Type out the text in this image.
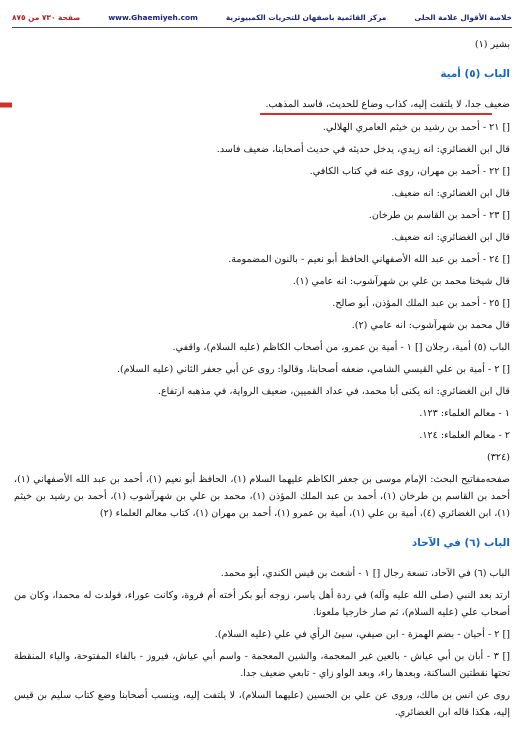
صفحة ٧٣٠ من ٨٧٥	www.Ghaemiyeh.com	مرکز القائمیة باصفهان للتحریات الکمبیوتریة	خلاصة الأقوال علامة الحلى

بشير (١)

الباب (٥) أمية

ضعيف جدا، لا يلتفت إليه، كذاب وضاع للحديث، فاسد المذهب.

[] ٢١ - أحمد بن رشيد بن خيثم العامري الهلالي.

قال ابن الغضائري: انه زيدي، يدخل حديثه في حديث أصحابنا، ضعيف فاسد.

[] ٢٢ - أحمد بن مهران، روى عنه في كتاب الكافي.

قال ابن الغضائري: انه ضعيف.

[] ٢٣ - أحمد بن القاسم بن طرخان.

قال ابن الغضائري: انه ضعيف.

[] ٢٤ - أحمد بن عبد الله الأصفهاني الحافظ أبو نعيم - بالنون المضمومة.

قال شيخنا محمد بن علي بن شهرآشوب: انه عامي (١).

[] ٢٥ - أحمد بن عبد الملك المؤذن، أبو صالح.

قال محمد بن شهرآشوب: انه عامي (٢).

الباب (٥) أمية، رجلان [] ١ - أمية بن عمرو، من أصحاب الكاظم (عليه السلام)، واقفي.

[] ٢ - أمية بن علي القيسي الشامي، ضعفه أصحابنا، وقالوا: روى عن أبي جعفر الثاني (عليه السلام).

قال ابن الغضائري: انه يكنى أبا محمد، في عداد القميين، ضعيف الرواية، في مذهبه ارتفاع.

١ - معالم العلماء: ١٢٣.

٢ - معالم العلماء: ١٢٤.

(٣٢٤)

صفحه‌مفاتيح البحث: الإمام موسى بن جعفر الكاظم عليهما السلام (١)، الحافظ أبو نعيم (١)، أحمد بن عبد الله الأصفهاني (١)، أحمد بن القاسم بن طرخان (١)، أحمد بن عبد الملك المؤذن (١)، محمد بن علي بن شهرآشوب (١)، أحمد بن رشيد بن خيثم (١)، ابن الغضائري (٤)، أمية بن علي (١)، أمية بن عمرو (١)، أحمد بن مهران (١)، كتاب معالم العلماء (٢)

الباب (٦) في الآحاد

الباب (٦) في الآحاد، تسعة رجال [] ١ - أشعث بن قيس الكندي، أبو محمد.

ارتد بعد النبي (صلى الله عليه وآله) في ردة أهل ياسر، زوجه أبو بكر أخته أم فروة، وكانت عوراء، فولدت له محمدا، وكان من أصحاب علي (عليه السلام)، ثم صار خارجيا ملعونا.

[] ٢ - أحيان - بضم الهمزة - ابن صيفي، سيئ الرأي في علي (عليه السلام).

[] ٣ - أبان بن أبي عياش - بالعين غير المعجمة، والشين المعجمة - واسم أبي عياش، فيروز - بالفاء المفتوحة، والياء المنقطة تحتها نقطتين الساكنة، وبعدها راء، وبعد الواو زاي - تابعي ضعيف جدا.

روى عن انس بن مالك، وروى عن علي بن الحسين (عليهما السلام)، لا يلتفت إليه، وينسب أصحابنا وضع كتاب سليم بن قيس إليه، هكذا قاله ابن الغضائري.
